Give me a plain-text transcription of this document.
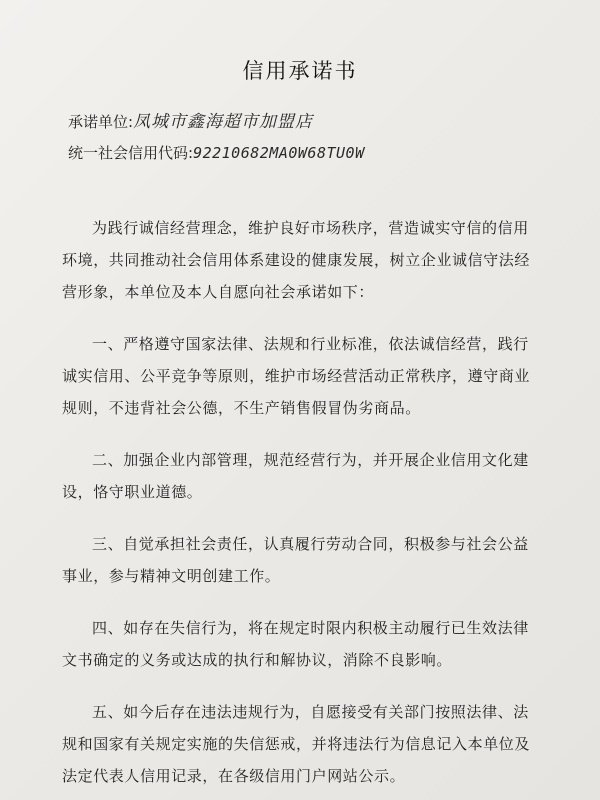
信用承诺书
承诺单位:凤城市鑫海超市加盟店
统一社会信用代码:92210682MA0W68TU0W

为践行诚信经营理念，维护良好市场秩序，营造诚实守信的信用环境，共同推动社会信用体系建设的健康发展，树立企业诚信守法经营形象，本单位及本人自愿向社会承诺如下：

一、严格遵守国家法律、法规和行业标准，依法诚信经营，践行诚实信用、公平竞争等原则，维护市场经营活动正常秩序，遵守商业规则，不违背社会公德，不生产销售假冒伪劣商品。

二、加强企业内部管理，规范经营行为，并开展企业信用文化建设，恪守职业道德。

三、自觉承担社会责任，认真履行劳动合同，积极参与社会公益事业，参与精神文明创建工作。

四、如存在失信行为，将在规定时限内积极主动履行已生效法律文书确定的义务或达成的执行和解协议，消除不良影响。

五、如今后存在违法违规行为，自愿接受有关部门按照法律、法规和国家有关规定实施的失信惩戒，并将违法行为信息记入本单位及法定代表人信用记录，在各级信用门户网站公示。
